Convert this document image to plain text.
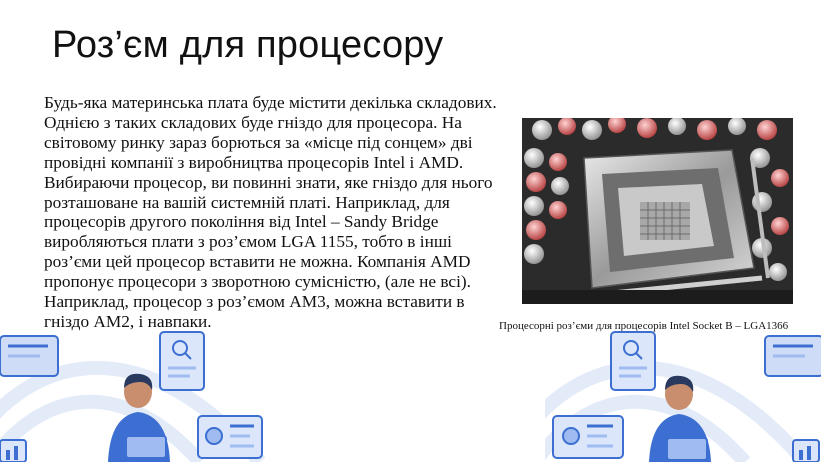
Роз’єм для процесору
Будь-яка материнська плата буде містити декілька складових.
Однією з таких складових буде гніздо для процесора. На
світовому ринку зараз борються за «місце під сонцем» дві
провідні компанії з виробництва процесорів Intel і AMD.
Вибираючи процесор, ви повинні знати, яке гніздо для нього
розташоване на вашій системній платі. Наприклад, для
процесорів другого покоління від Intel – Sandy Bridge
виробляються плати з роз’ємом LGA 1155, тобто в інші
роз’єми цей процесор вставити не можна. Компанія AMD
пропонує процесори з зворотною сумісністю, (але не всі).
Наприклад, процесор з роз’ємом AM3, можна вставити в
гніздо AM2, і навпаки.	Процесорні роз’єми для процесорів Intel Socket B – LGA1366
